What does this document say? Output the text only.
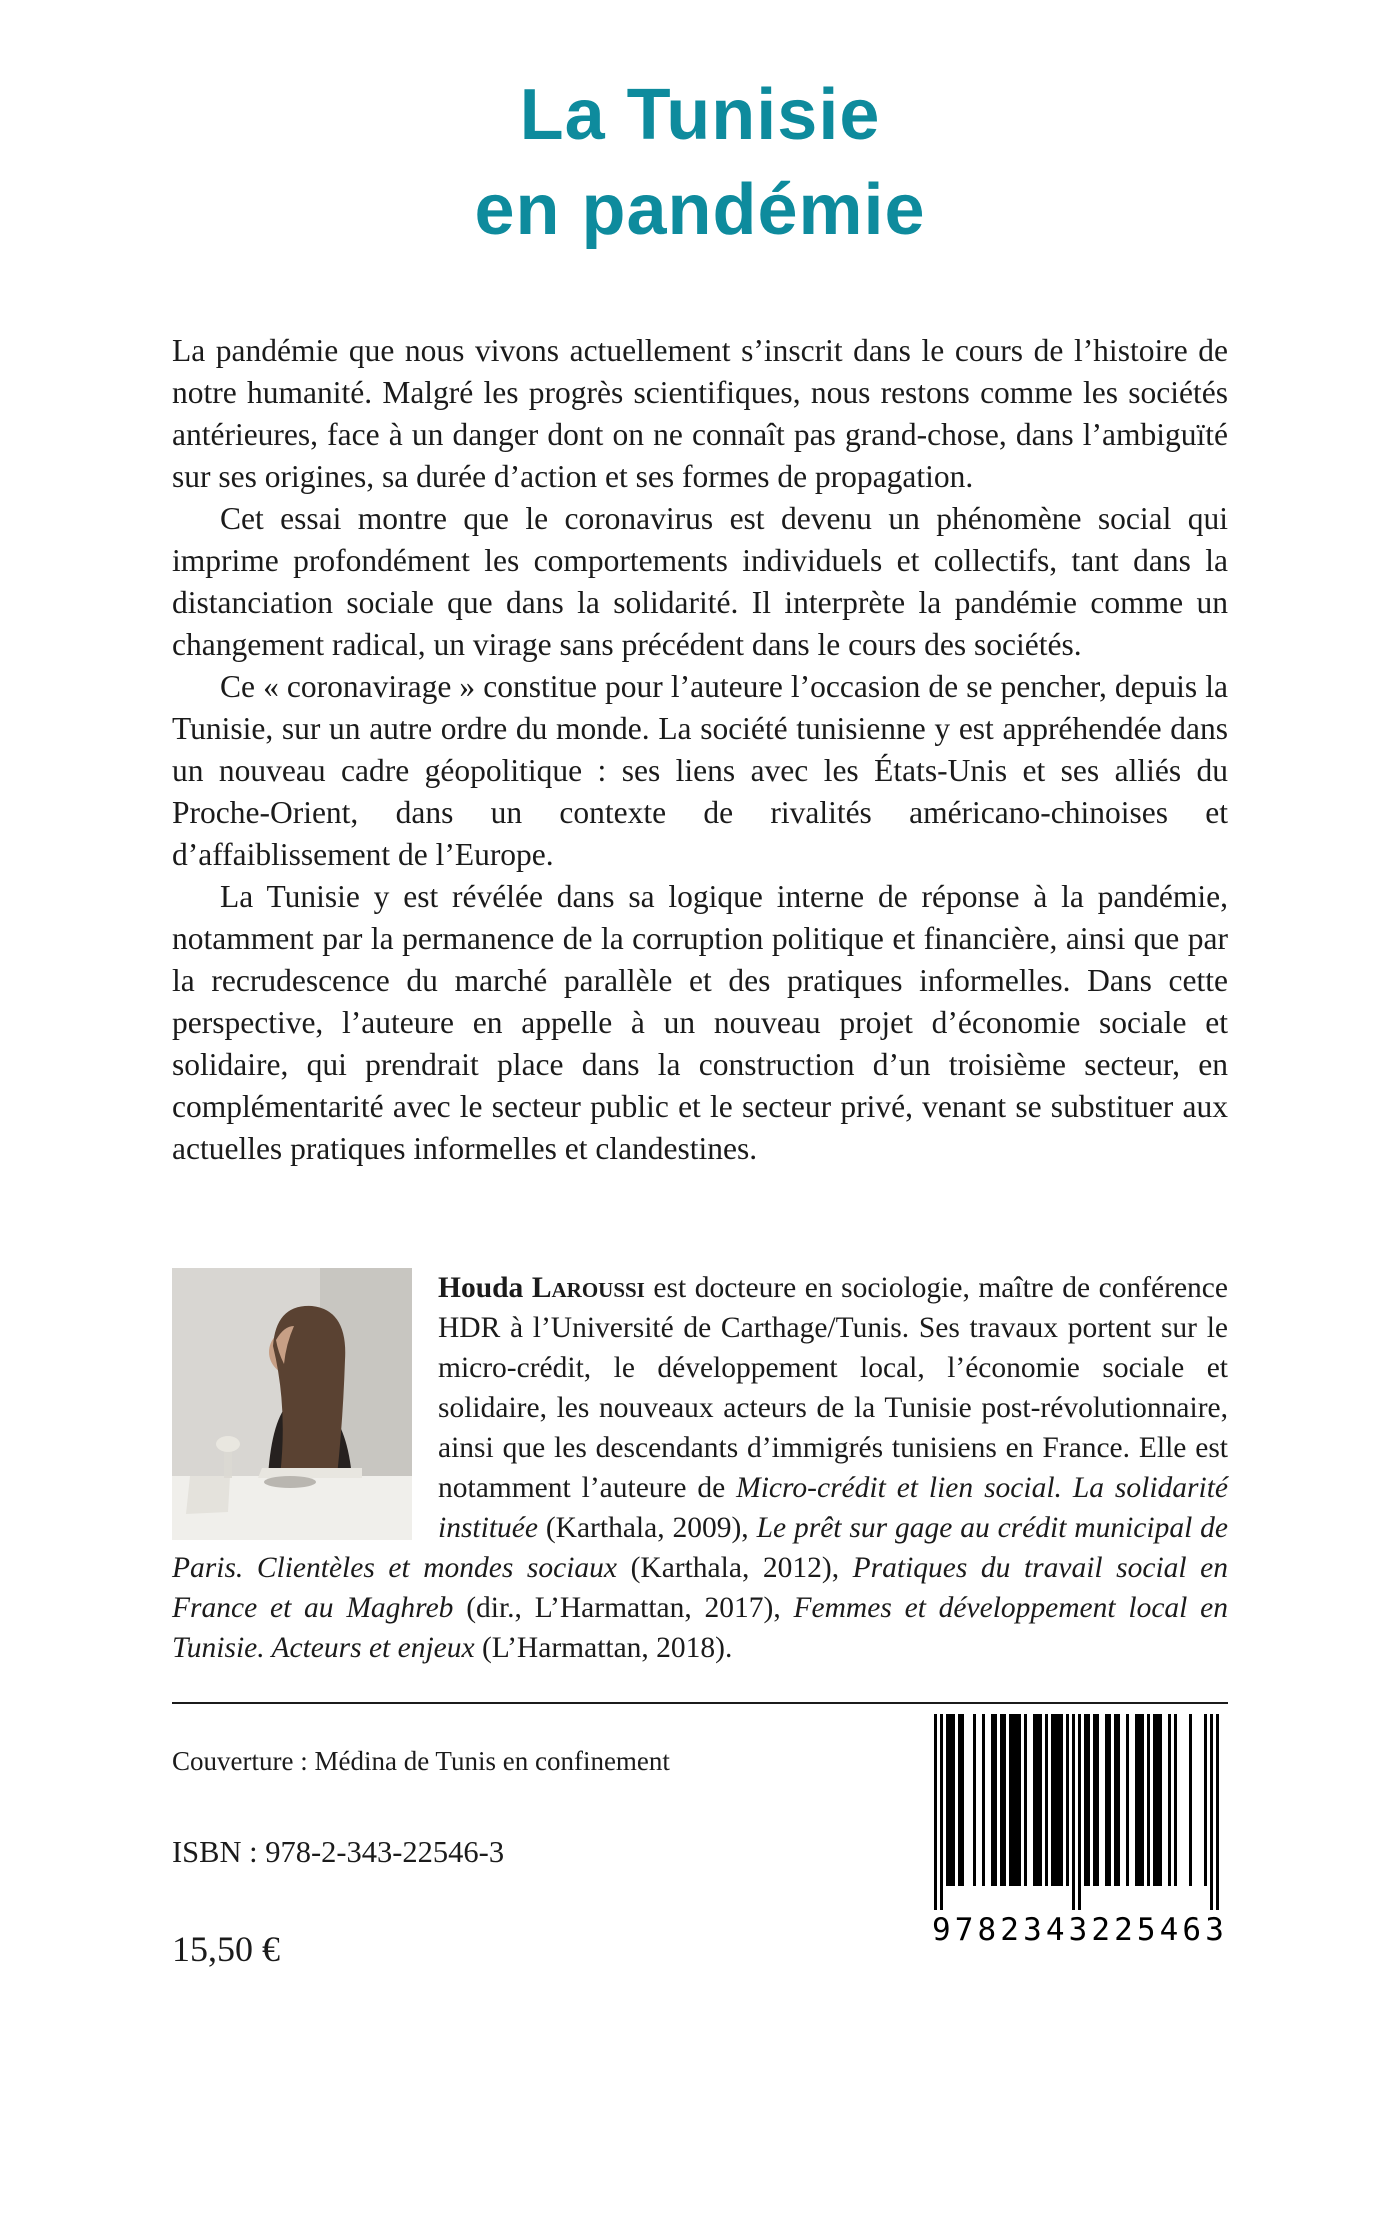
La Tunisie
en pandémie

La pandémie que nous vivons actuellement s’inscrit dans le cours de l’histoire de notre humanité. Malgré les progrès scientifiques, nous restons comme les sociétés antérieures, face à un danger dont on ne connaît pas grand-chose, dans l’ambiguïté sur ses origines, sa durée d’action et ses formes de propagation.

Cet essai montre que le coronavirus est devenu un phénomène social qui imprime profondément les comportements individuels et collectifs, tant dans la distanciation sociale que dans la solidarité. Il interprète la pandémie comme un changement radical, un virage sans précédent dans le cours des sociétés.

Ce « coronavirage » constitue pour l’auteure l’occasion de se pencher, depuis la Tunisie, sur un autre ordre du monde. La société tunisienne y est appréhendée dans un nouveau cadre géopolitique : ses liens avec les États-Unis et ses alliés du Proche-Orient, dans un contexte de rivalités américano-chinoises et d’affaiblissement de l’Europe.

La Tunisie y est révélée dans sa logique interne de réponse à la pandémie, notamment par la permanence de la corruption politique et financière, ainsi que par la recrudescence du marché parallèle et des pratiques informelles. Dans cette perspective, l’auteure en appelle à un nouveau projet d’économie sociale et solidaire, qui prendrait place dans la construction d’un troisième secteur, en complémentarité avec le secteur public et le secteur privé, venant se substituer aux actuelles pratiques informelles et clandestines.

Houda Laroussi est docteure en sociologie, maître de conférence HDR à l’Université de Carthage/Tunis. Ses travaux portent sur le micro-crédit, le développement local, l’économie sociale et solidaire, les nouveaux acteurs de la Tunisie post-révolutionnaire, ainsi que les descendants d’immigrés tunisiens en France. Elle est notamment l’auteure de Micro-crédit et lien social. La solidarité instituée (Karthala, 2009), Le prêt sur gage au crédit municipal de Paris. Clientèles et mondes sociaux (Karthala, 2012), Pratiques du travail social en France et au Maghreb (dir., L’Harmattan, 2017), Femmes et développement local en Tunisie. Acteurs et enjeux (L’Harmattan, 2018).

Couverture : Médina de Tunis en confinement
ISBN : 978-2-343-22546-3
15,50 €	9 7 8 2 3 4 3 2 2 5 4 6 3
